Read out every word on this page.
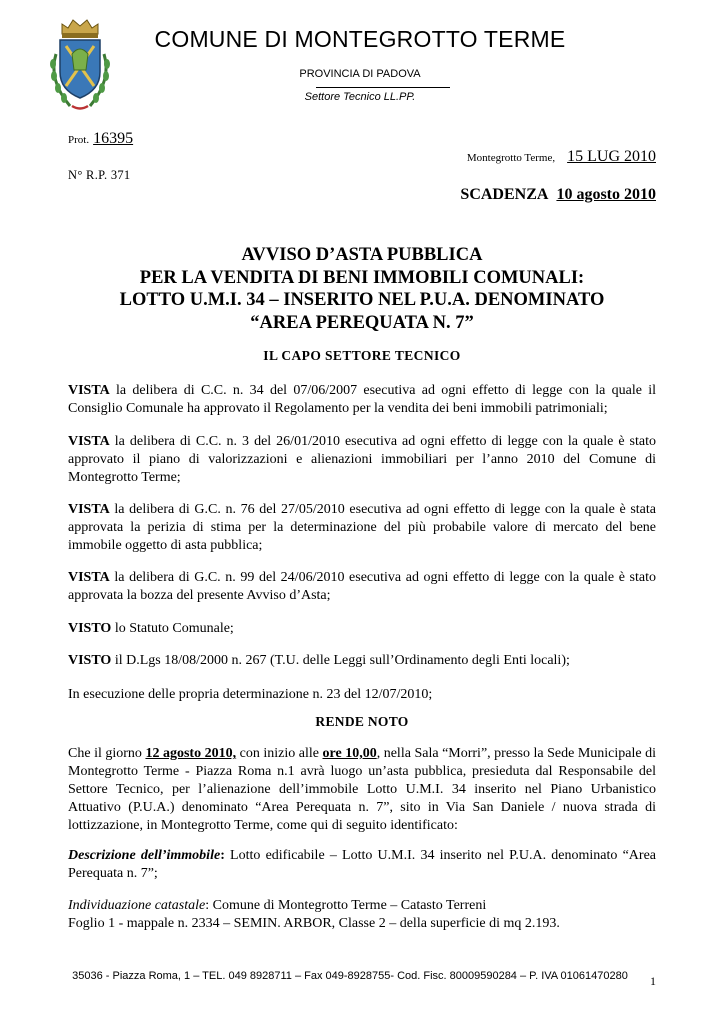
COMUNE DI MONTEGROTTO TERME
PROVINCIA DI PADOVA
Settore Tecnico LL.PP.
Prot. 16395
Montegrotto Terme, 15 LUG 2010
N° R.P. 371
SCADENZA 10 agosto 2010
AVVISO D’ASTA PUBBLICA
PER LA VENDITA DI BENI IMMOBILI COMUNALI:
LOTTO U.M.I. 34 – INSERITO NEL P.U.A. DENOMINATO
“AREA PEREQUATA N. 7”
IL CAPO SETTORE TECNICO
VISTA la delibera di C.C. n. 34 del 07/06/2007 esecutiva ad ogni effetto di legge con la quale il Consiglio Comunale ha approvato il Regolamento per la vendita dei beni immobili patrimoniali;
VISTA la delibera di C.C. n. 3 del 26/01/2010 esecutiva ad ogni effetto di legge con la quale è stato approvato il piano di valorizzazioni e alienazioni immobiliari per l’anno 2010 del Comune di Montegrotto Terme;
VISTA la delibera di G.C. n. 76 del 27/05/2010 esecutiva ad ogni effetto di legge con la quale è stata approvata la perizia di stima per la determinazione del più probabile valore di mercato del bene immobile oggetto di asta pubblica;
VISTA la delibera di G.C. n. 99 del 24/06/2010 esecutiva ad ogni effetto di legge con la quale è stato approvata la bozza del presente Avviso d’Asta;
VISTO lo Statuto Comunale;
VISTO il D.Lgs 18/08/2000 n. 267 (T.U. delle Leggi sull’Ordinamento degli Enti locali);
In esecuzione delle propria determinazione n. 23 del 12/07/2010;
RENDE NOTO
Che il giorno 12 agosto 2010, con inizio alle ore 10,00, nella Sala “Morri”, presso la Sede Municipale di Montegrotto Terme - Piazza Roma n.1 avrà luogo un’asta pubblica, presieduta dal Responsabile del Settore Tecnico, per l’alienazione dell’immobile Lotto U.M.I. 34 inserito nel Piano Urbanistico Attuativo (P.U.A.) denominato “Area Perequata n. 7”, sito in Via San Daniele / nuova strada di lottizzazione, in Montegrotto Terme, come qui di seguito identificato:
Descrizione dell’immobile: Lotto edificabile – Lotto U.M.I. 34 inserito nel P.U.A. denominato “Area Perequata n. 7”;
Individuazione catastale: Comune di Montegrotto Terme – Catasto Terreni
Foglio 1 - mappale n. 2334 – SEMIN. ARBOR, Classe 2 – della superficie di mq 2.193.
35036 - Piazza Roma, 1 – TEL. 049 8928711 – Fax 049-8928755- Cod. Fisc. 80009590284 – P. IVA 01061470280	1
